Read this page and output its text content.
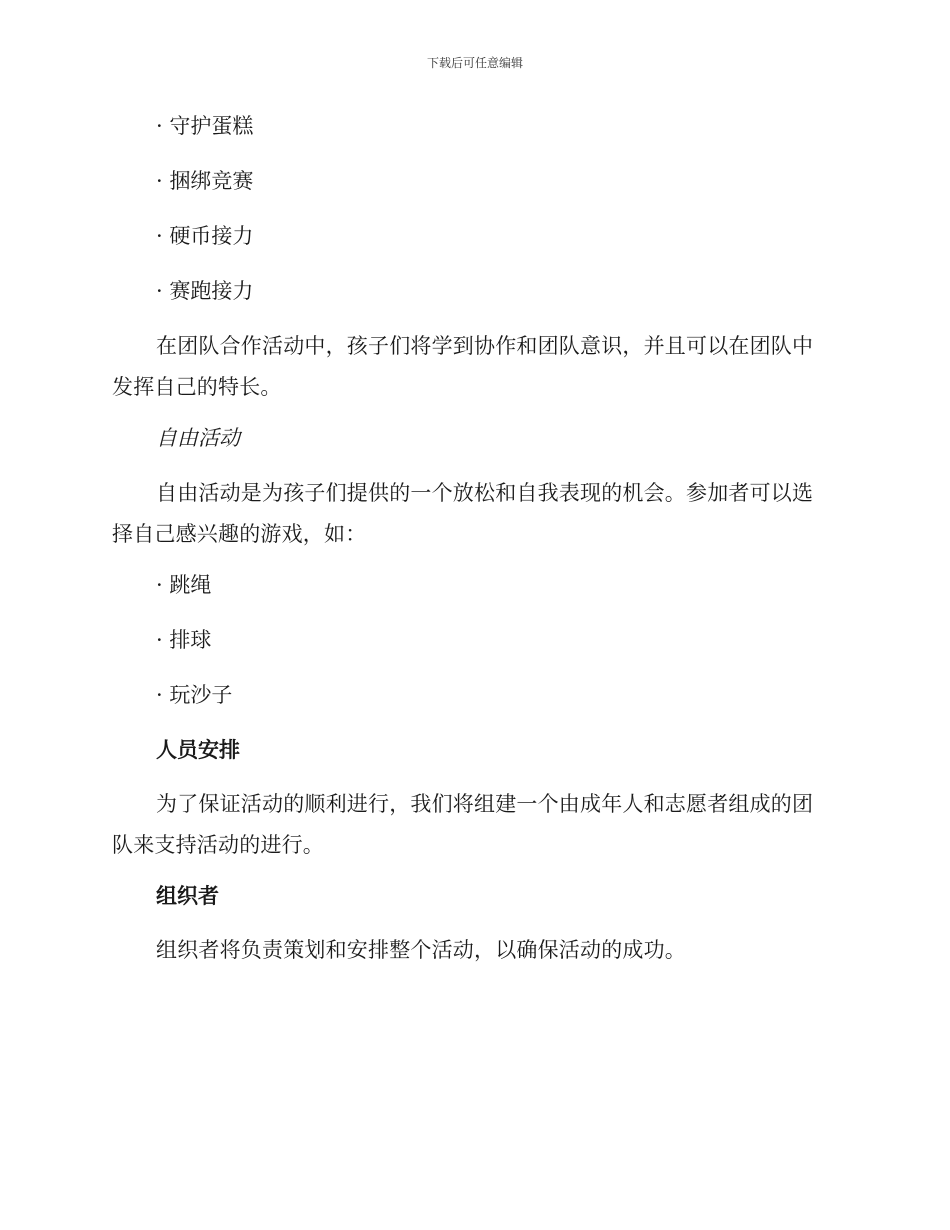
下载后可任意编辑
· 守护蛋糕
· 捆绑竞赛
· 硬币接力
· 赛跑接力

在团队合作活动中，孩子们将学到协作和团队意识，并且可以在团队中发挥自己的特长。

自由活动

自由活动是为孩子们提供的一个放松和自我表现的机会。参加者可以选择自己感兴趣的游戏，如：

· 跳绳
· 排球
· 玩沙子
人员安排

为了保证活动的顺利进行，我们将组建一个由成年人和志愿者组成的团队来支持活动的进行。

组织者

组织者将负责策划和安排整个活动，以确保活动的成功。
